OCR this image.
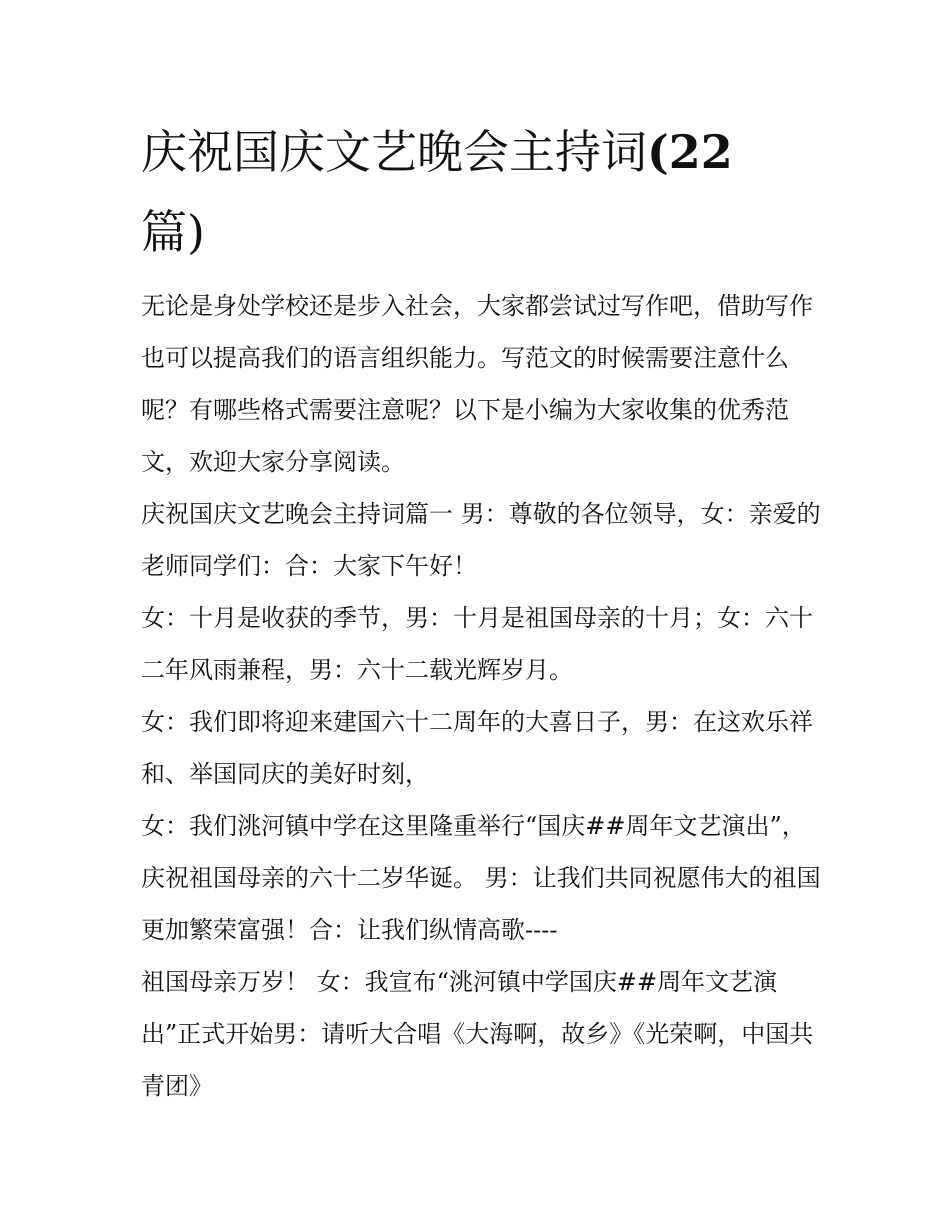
庆祝国庆文艺晚会主持词(22
篇)

无论是身处学校还是步入社会，大家都尝试过写作吧，借助写作也可以提高我们的语言组织能力。写范文的时候需要注意什么呢？有哪些格式需要注意呢？以下是小编为大家收集的优秀范文，欢迎大家分享阅读。

庆祝国庆文艺晚会主持词篇一 男：尊敬的各位领导，女：亲爱的老师同学们：合：大家下午好！

女：十月是收获的季节，男：十月是祖国母亲的十月；女：六十二年风雨兼程，男：六十二载光辉岁月。

女：我们即将迎来建国六十二周年的大喜日子，男：在这欢乐祥和、举国同庆的美好时刻，

女：我们洮河镇中学在这里隆重举行“国庆##周年文艺演出”，庆祝祖国母亲的六十二岁华诞。 男：让我们共同祝愿伟大的祖国更加繁荣富强！合：让我们纵情高歌----

祖国母亲万岁！ 女：我宣布“洮河镇中学国庆##周年文艺演出”正式开始男：请听大合唱《大海啊，故乡》《光荣啊，中国共青团》
